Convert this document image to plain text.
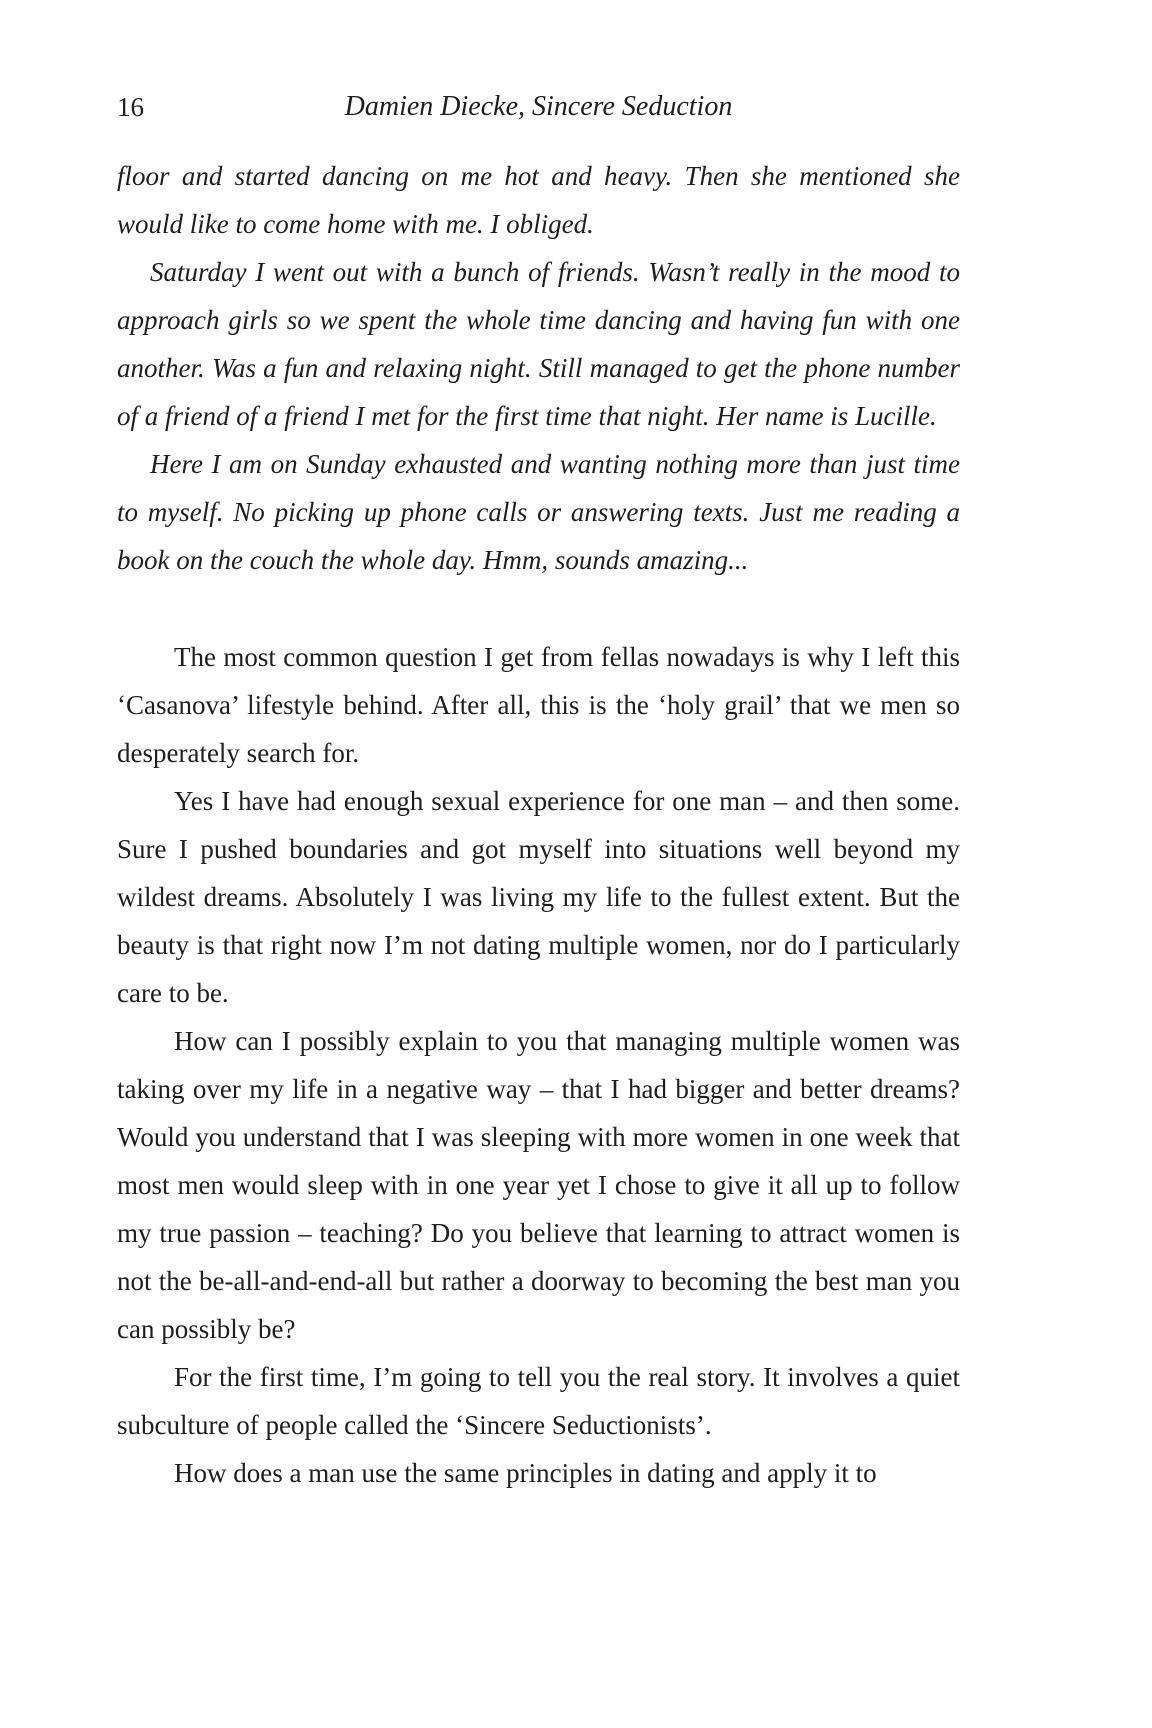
16	Damien Diecke, Sincere Seduction

floor and started dancing on me hot and heavy. Then she mentioned she would like to come home with me. I obliged.

Saturday I went out with a bunch of friends. Wasn’t really in the mood to approach girls so we spent the whole time dancing and having fun with one another. Was a fun and relaxing night. Still managed to get the phone number of a friend of a friend I met for the first time that night. Her name is Lucille.

Here I am on Sunday exhausted and wanting nothing more than just time to myself. No picking up phone calls or answering texts. Just me reading a book on the couch the whole day. Hmm, sounds amazing...

The most common question I get from fellas nowadays is why I left this ‘Casanova’ lifestyle behind. After all, this is the ‘holy grail’ that we men so desperately search for.

Yes I have had enough sexual experience for one man – and then some. Sure I pushed boundaries and got myself into situations well beyond my wildest dreams. Absolutely I was living my life to the fullest extent. But the beauty is that right now I’m not dating multiple women, nor do I particularly care to be.

How can I possibly explain to you that managing multiple women was taking over my life in a negative way – that I had bigger and better dreams? Would you understand that I was sleeping with more women in one week that most men would sleep with in one year yet I chose to give it all up to follow my true passion – teaching? Do you believe that learning to attract women is not the be-all-and-end-all but rather a doorway to becoming the best man you can possibly be?

For the first time, I’m going to tell you the real story. It involves a quiet subculture of people called the ‘Sincere Seductionists’.

How does a man use the same principles in dating and apply it to
